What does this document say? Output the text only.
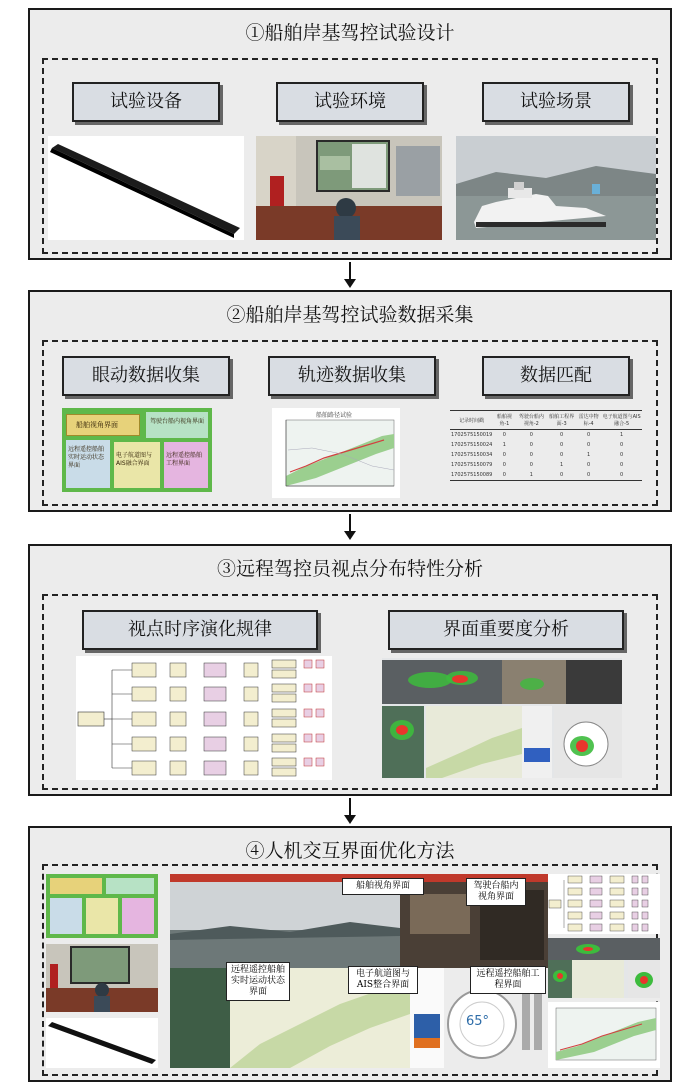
①船舶岸基驾控试验设计
试验设备	试验环境	试验场景
②船舶岸基驾控试验数据采集
眼动数据收集	轨迹数据收集	数据匹配
船舶视角界面	驾驶台船内视角界面
远程遥控船舶实时运动状态界面
电子航道图与AIS融合界面
远程遥控船舶工程界面
船舶路径试验
记录时间戳	船舶视角-1	驾驶台船内视角-2	船舶工程界面-3	雷达中物标-4	电子航道图与AIS融合-5
1702575150019	0	0	0	0	1
1702575150024	1	0	0	0	0
1702575150034	0	0	0	1	0
1702575150079	0	0	1	0	0
1702575150089	0	1	0	0	0
③远程驾控员视点分布特性分析
视点时序演化规律	界面重要度分析
④人机交互界面优化方法
65°
船舶视角界面	驾驶台船内视角界面
远程遥控船舶实时运动状态界面
电子航道图与AIS整合界面
远程遥控船舶工程界面
